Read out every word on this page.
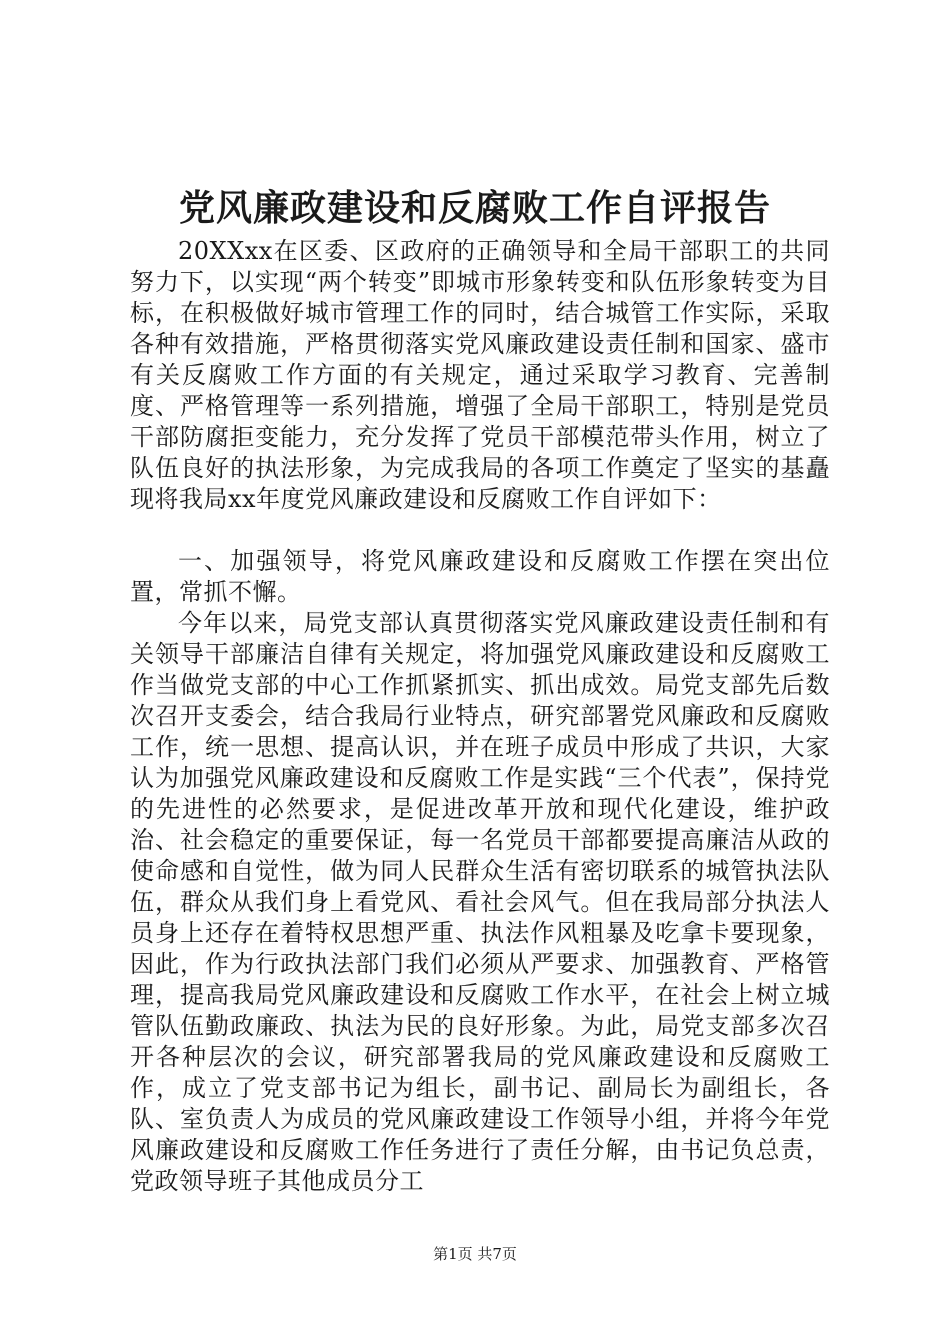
党风廉政建设和反腐败工作自评报告

20XXxx在区委、区政府的正确领导和全局干部职工的共同努力下，以实现“两个转变”即城市形象转变和队伍形象转变为目标，在积极做好城市管理工作的同时，结合城管工作实际，采取各种有效措施，严格贯彻落实党风廉政建设责任制和国家、盛市有关反腐败工作方面的有关规定，通过采取学习教育、完善制度、严格管理等一系列措施，增强了全局干部职工，特别是党员干部防腐拒变能力，充分发挥了党员干部模范带头作用，树立了队伍良好的执法形象，为完成我局的各项工作奠定了坚实的基矗现将我局xx年度党风廉政建设和反腐败工作自评如下：

一、加强领导，将党风廉政建设和反腐败工作摆在突出位置，常抓不懈。

今年以来，局党支部认真贯彻落实党风廉政建设责任制和有关领导干部廉洁自律有关规定，将加强党风廉政建设和反腐败工作当做党支部的中心工作抓紧抓实、抓出成效。局党支部先后数次召开支委会，结合我局行业特点，研究部署党风廉政和反腐败工作，统一思想、提高认识，并在班子成员中形成了共识，大家认为加强党风廉政建设和反腐败工作是实践“三个代表”，保持党的先进性的必然要求，是促进改革开放和现代化建设，维护政治、社会稳定的重要保证，每一名党员干部都要提高廉洁从政的使命感和自觉性，做为同人民群众生活有密切联系的城管执法队伍，群众从我们身上看党风、看社会风气。但在我局部分执法人员身上还存在着特权思想严重、执法作风粗暴及吃拿卡要现象，因此，作为行政执法部门我们必须从严要求、加强教育、严格管理，提高我局党风廉政建设和反腐败工作水平，在社会上树立城管队伍勤政廉政、执法为民的良好形象。为此，局党支部多次召开各种层次的会议，研究部署我局的党风廉政建设和反腐败工作，成立了党支部书记为组长，副书记、副局长为副组长，各队、室负责人为成员的党风廉政建设工作领导小组，并将今年党风廉政建设和反腐败工作任务进行了责任分解，由书记负总责，党政领导班子其他成员分工

第1页 共7页
